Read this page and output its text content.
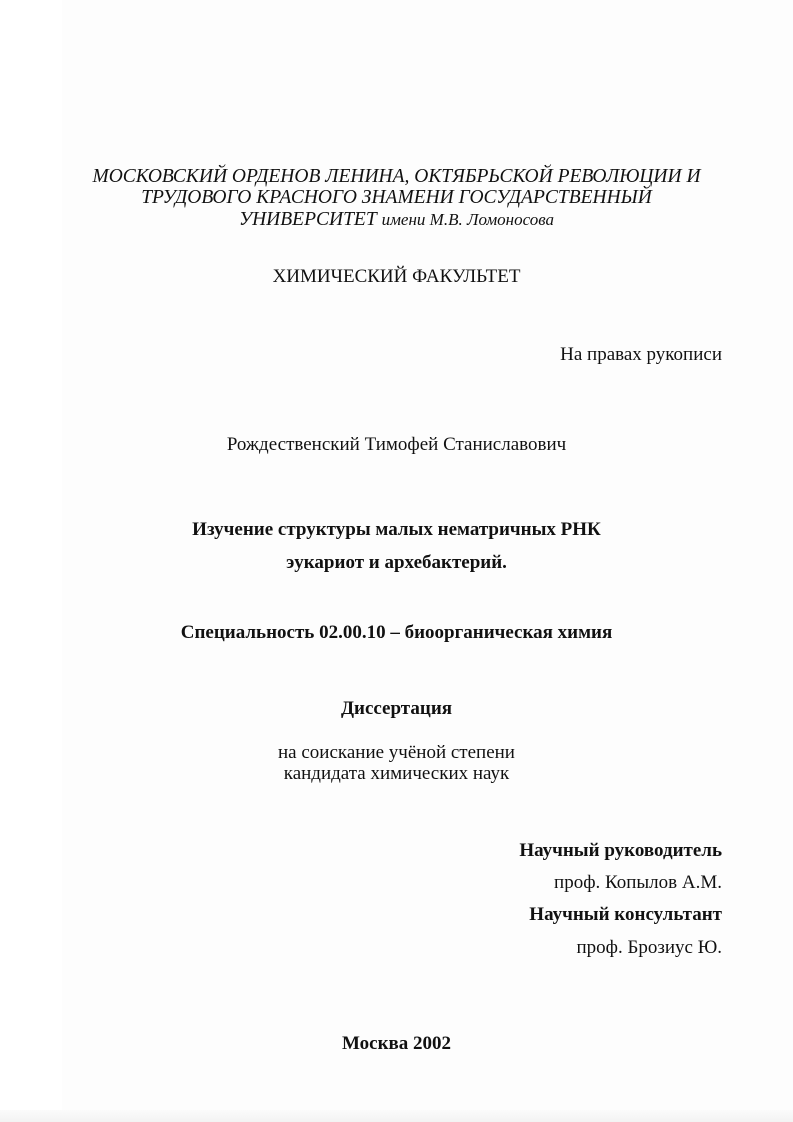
МОСКОВСКИЙ ОРДЕНОВ ЛЕНИНА, ОКТЯБРЬСКОЙ РЕВОЛЮЦИИ И
ТРУДОВОГО КРАСНОГО ЗНАМЕНИ ГОСУДАРСТВЕННЫЙ
УНИВЕРСИТЕТ имени М.В. Ломоносова
ХИМИЧЕСКИЙ ФАКУЛЬТЕТ
На правах рукописи
Рождественский Тимофей Станиславович
Изучение структуры малых нематричных РНК
эукариот и архебактерий.
Специальность 02.00.10 – биоорганическая химия
Диссертация
на соискание учёной степени
кандидата химических наук
Научный руководитель
проф. Копылов А.М.
Научный консультант
проф. Брозиус Ю.
Москва 2002
